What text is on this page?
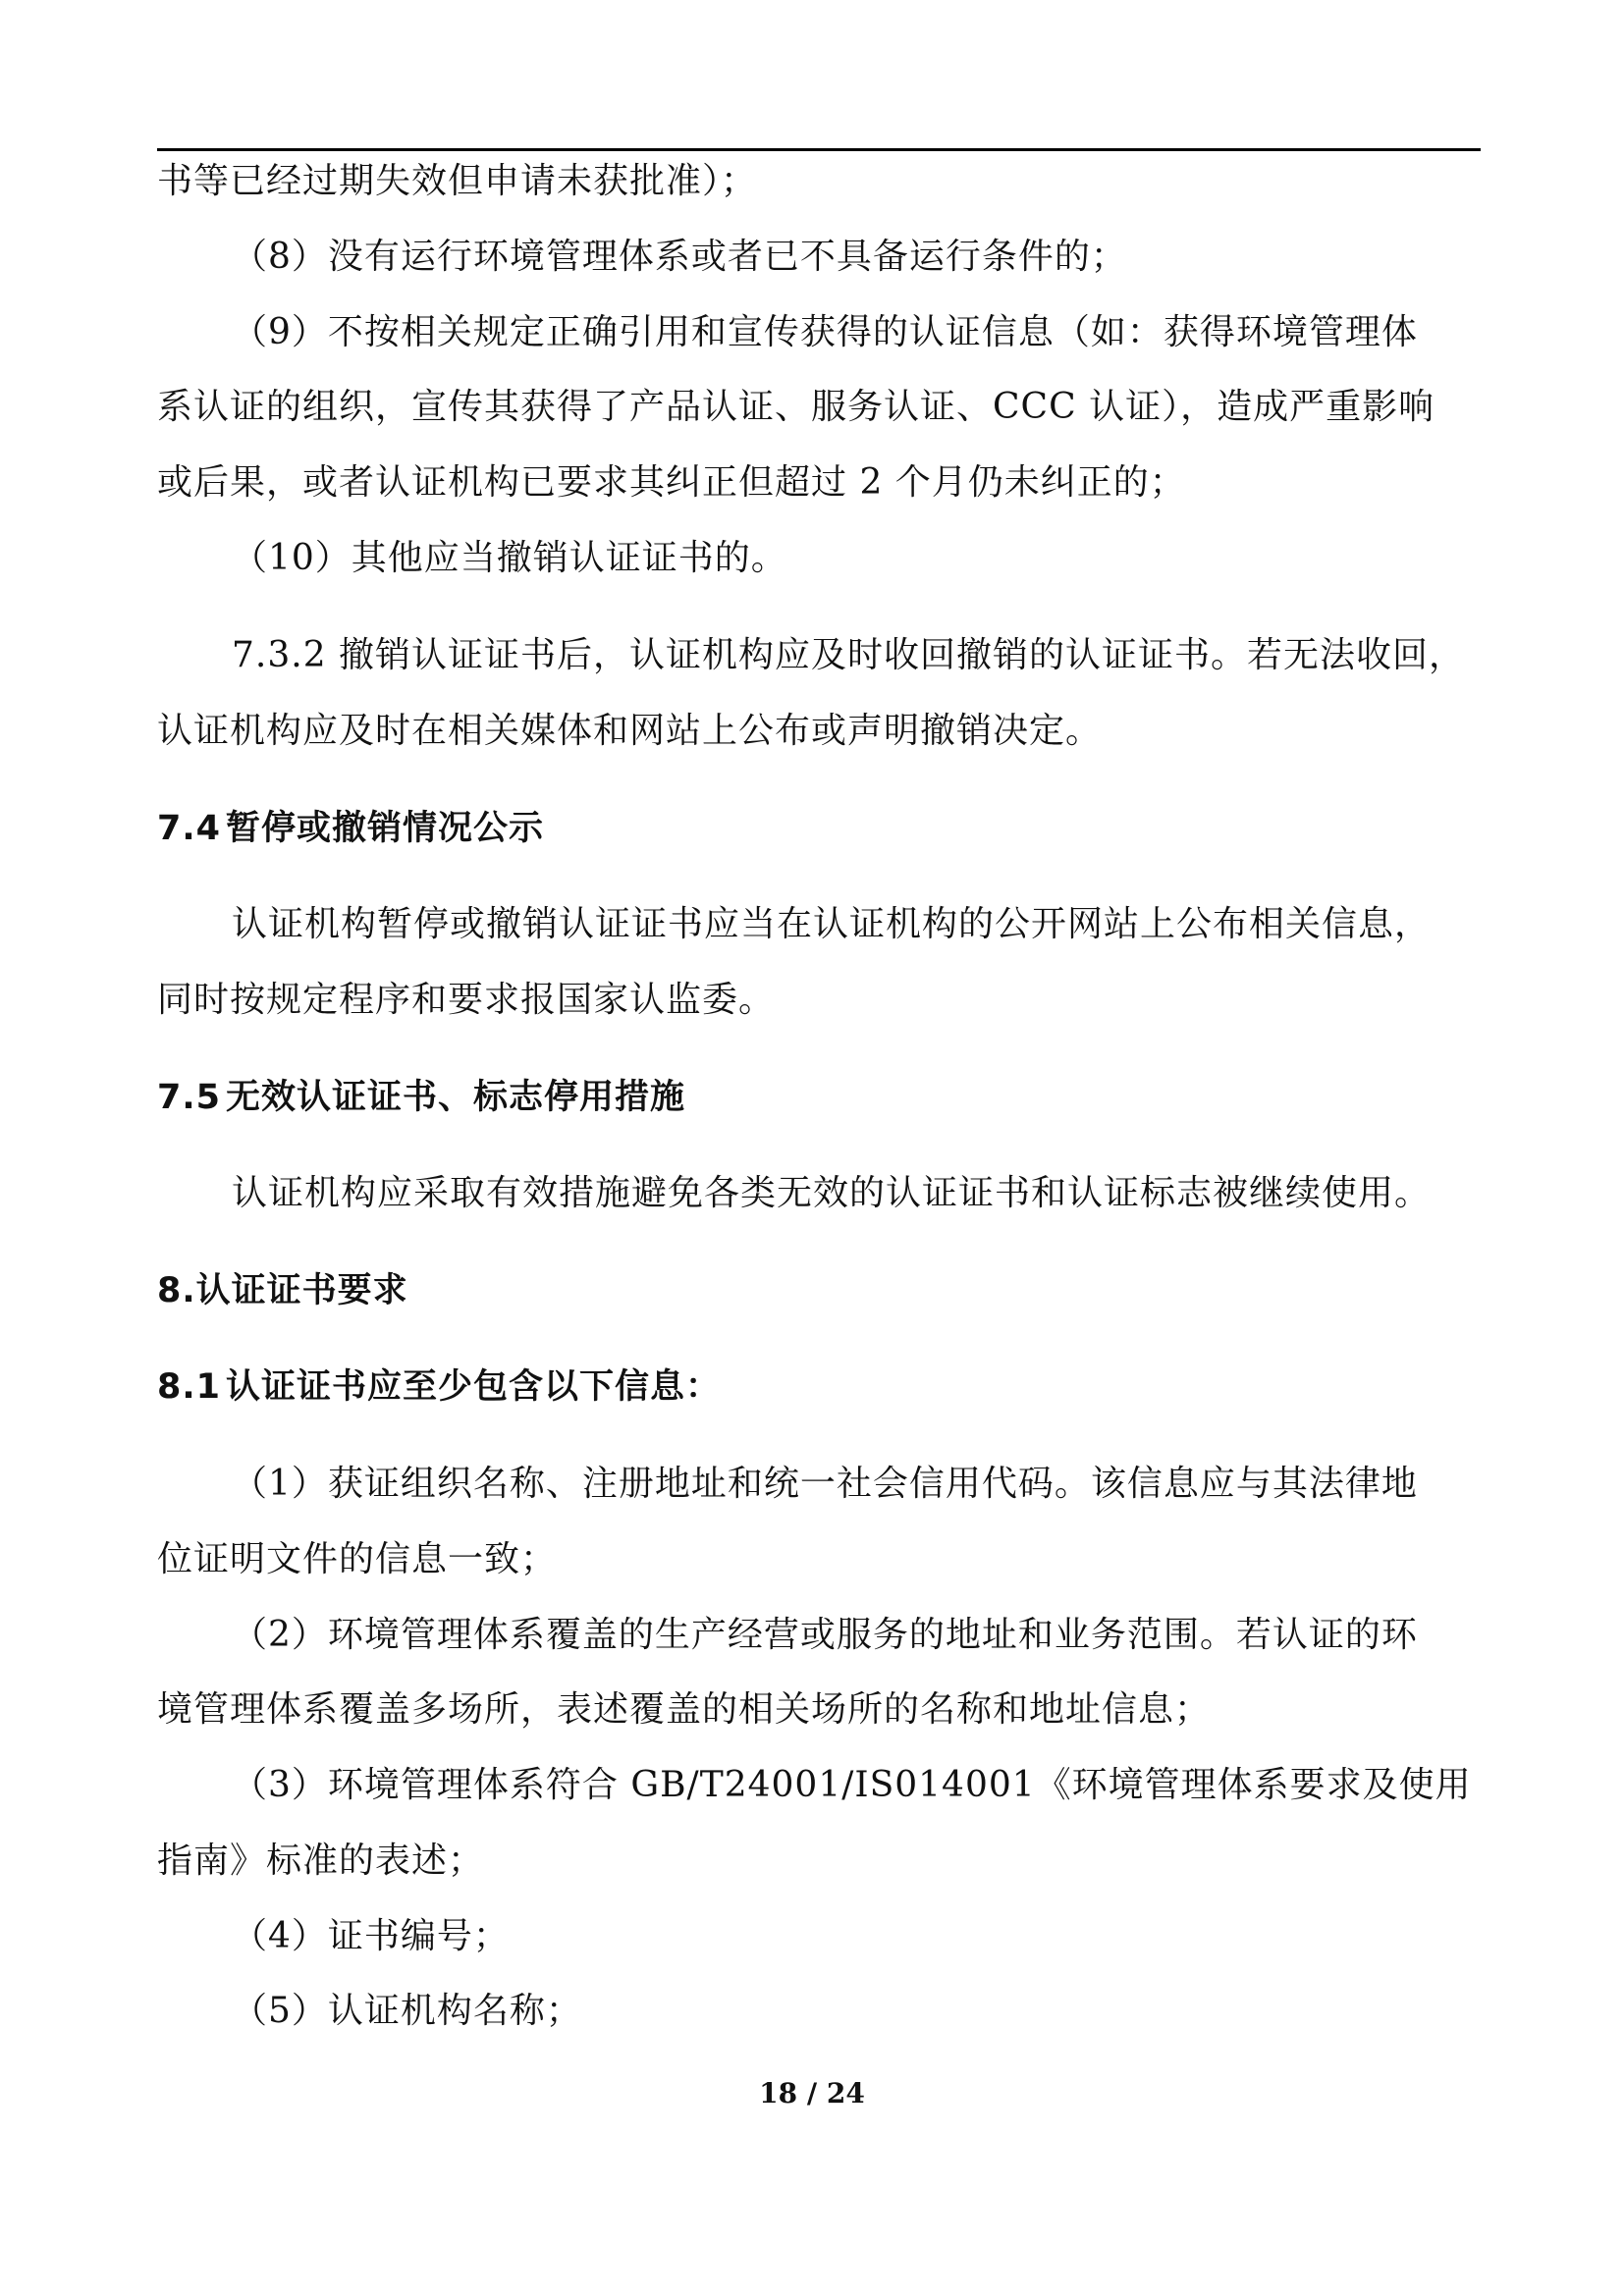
书等已经过期失效但申请未获批准）；
（8）没有运行环境管理体系或者已不具备运行条件的；
（9）不按相关规定正确引用和宣传获得的认证信息（如：获得环境管理体
系认证的组织，宣传其获得了产品认证、服务认证、CCC 认证），造成严重影响
或后果，或者认证机构已要求其纠正但超过 2 个月仍未纠正的；
（10）其他应当撤销认证证书的。
7.3.2 撤销认证证书后，认证机构应及时收回撤销的认证证书。若无法收回，
认证机构应及时在相关媒体和网站上公布或声明撤销决定。
7.4 暂停或撤销情况公示
认证机构暂停或撤销认证证书应当在认证机构的公开网站上公布相关信息，
同时按规定程序和要求报国家认监委。
7.5 无效认证证书、标志停用措施
认证机构应采取有效措施避免各类无效的认证证书和认证标志被继续使用。
8.认证证书要求
8.1 认证证书应至少包含以下信息：
（1）获证组织名称、注册地址和统一社会信用代码。该信息应与其法律地
位证明文件的信息一致；
（2）环境管理体系覆盖的生产经营或服务的地址和业务范围。若认证的环
境管理体系覆盖多场所，表述覆盖的相关场所的名称和地址信息；
（3）环境管理体系符合 GB/T24001/IS014001《环境管理体系要求及使用
指南》标准的表述；
（4）证书编号；
（5）认证机构名称；
18 / 24
